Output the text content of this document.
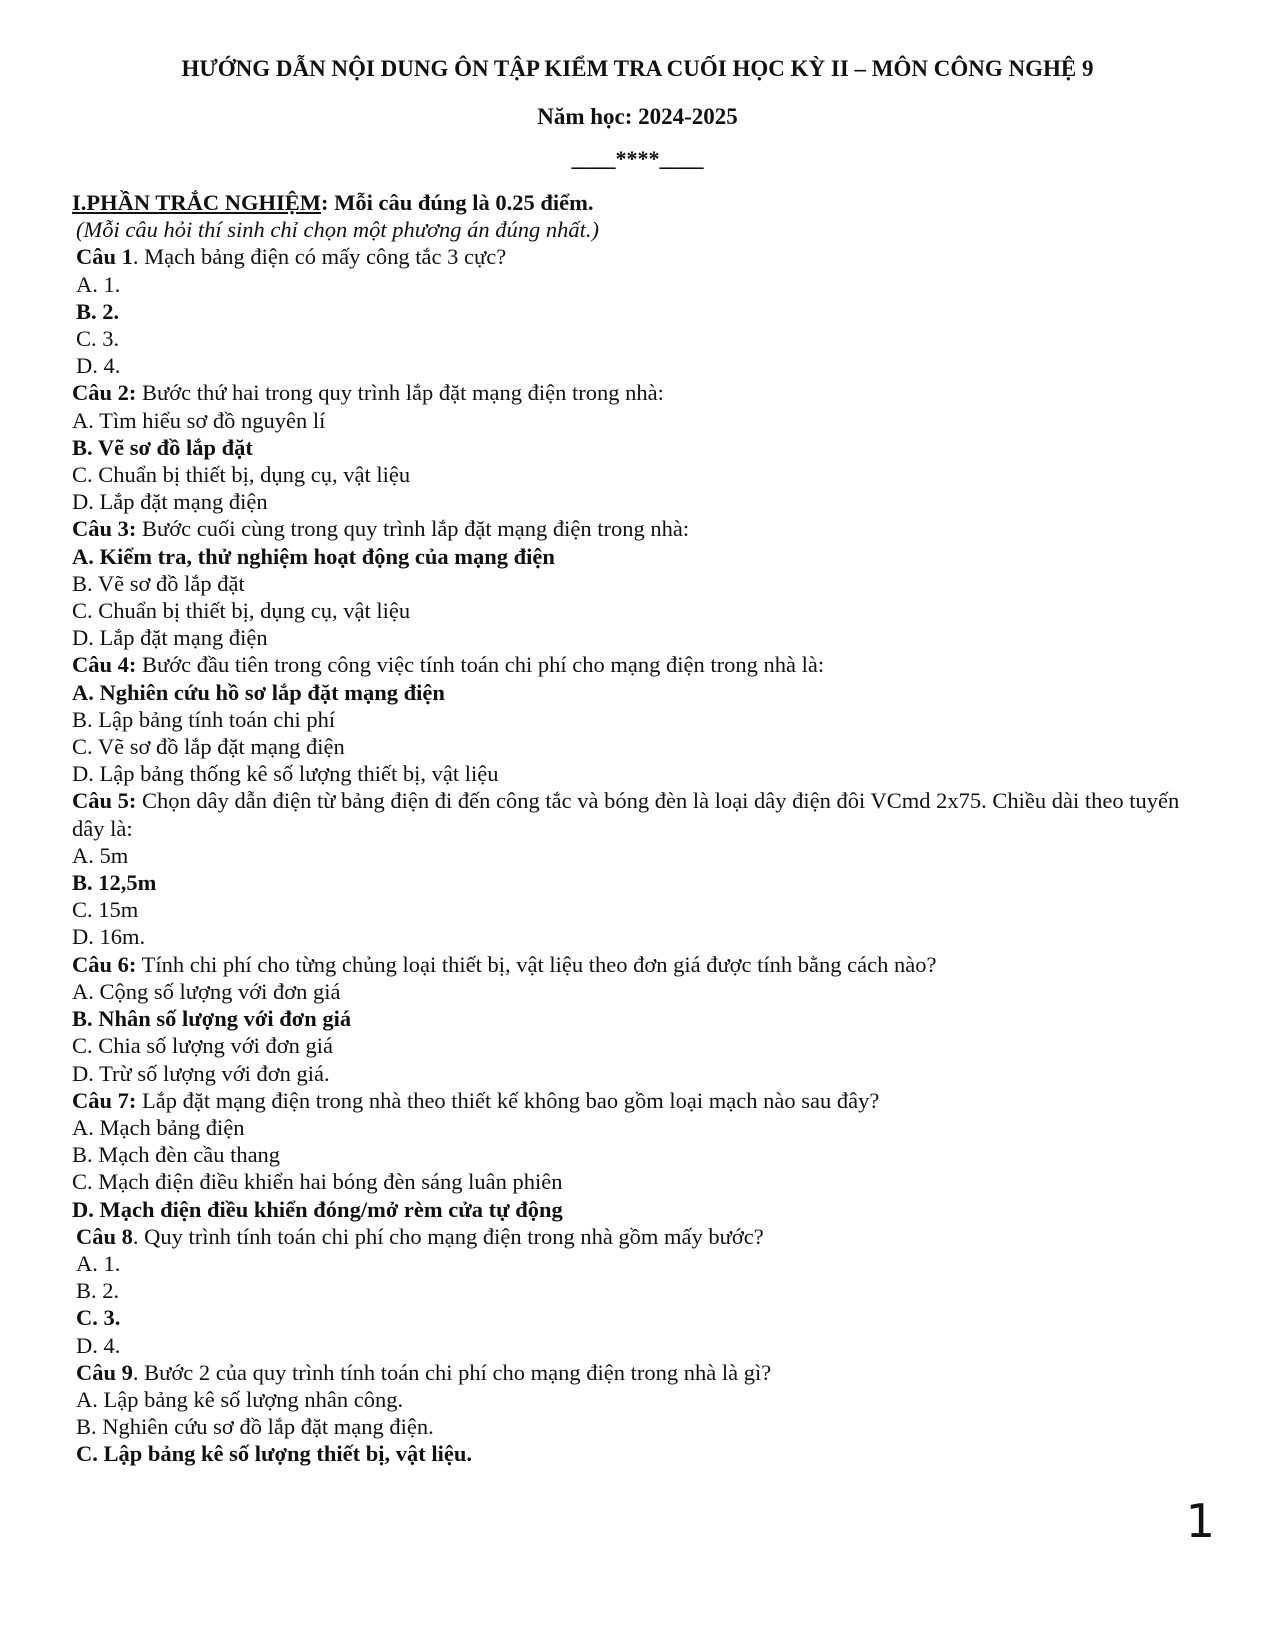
HƯỚNG DẪN NỘI DUNG ÔN TẬP KIỂM TRA CUỐI HỌC KỲ II – MÔN CÔNG NGHỆ 9
Năm học: 2024-2025
____****____
I.PHẦN TRẮC NGHIỆM: Mỗi câu đúng là 0.25 điểm.
(Mỗi câu hỏi thí sinh chỉ chọn một phương án đúng nhất.)
Câu 1. Mạch bảng điện có mấy công tắc 3 cực?
A. 1.
B. 2.
C. 3.
D. 4.
Câu 2: Bước thứ hai trong quy trình lắp đặt mạng điện trong nhà:
A. Tìm hiểu sơ đồ nguyên lí
B. Vẽ sơ đồ lắp đặt
C. Chuẩn bị thiết bị, dụng cụ, vật liệu
D. Lắp đặt mạng điện
Câu 3: Bước cuối cùng trong quy trình lắp đặt mạng điện trong nhà:
A. Kiểm tra, thử nghiệm hoạt động của mạng điện
B. Vẽ sơ đồ lắp đặt
C. Chuẩn bị thiết bị, dụng cụ, vật liệu
D. Lắp đặt mạng điện
Câu 4: Bước đầu tiên trong công việc tính toán chi phí cho mạng điện trong nhà là:
A. Nghiên cứu hồ sơ lắp đặt mạng điện
B. Lập bảng tính toán chi phí
C. Vẽ sơ đồ lắp đặt mạng điện
D. Lập bảng thống kê số lượng thiết bị, vật liệu
Câu 5: Chọn dây dẫn điện từ bảng điện đi đến công tắc và bóng đèn là loại dây điện đôi VCmd 2x75. Chiều dài theo tuyến dây là:
A. 5m
B. 12,5m
C. 15m
D. 16m.
Câu 6: Tính chi phí cho từng chủng loại thiết bị, vật liệu theo đơn giá được tính bằng cách nào?
A. Cộng số lượng với đơn giá
B. Nhân số lượng với đơn giá
C. Chia số lượng với đơn giá
D. Trừ số lượng với đơn giá.
Câu 7: Lắp đặt mạng điện trong nhà theo thiết kế không bao gồm loại mạch nào sau đây?
A. Mạch bảng điện
B. Mạch đèn cầu thang
C. Mạch điện điều khiển hai bóng đèn sáng luân phiên
D. Mạch điện điều khiển đóng/mở rèm cửa tự động
Câu 8. Quy trình tính toán chi phí cho mạng điện trong nhà gồm mấy bước?
A. 1.
B. 2.
C. 3.
D. 4.
Câu 9. Bước 2 của quy trình tính toán chi phí cho mạng điện trong nhà là gì?
A. Lập bảng kê số lượng nhân công.
B. Nghiên cứu sơ đồ lắp đặt mạng điện.
C. Lập bảng kê số lượng thiết bị, vật liệu.
1
